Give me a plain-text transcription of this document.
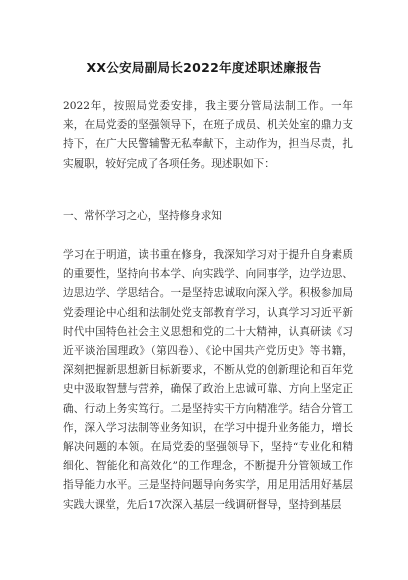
XX公安局副局长2022年度述职述廉报告

2022年，按照局党委安排，我主要分管局法制工作。一年来，在局党委的坚强领导下，在班子成员、机关处室的鼎力支持下，在广大民警辅警无私奉献下，主动作为，担当尽责，扎实履职，较好完成了各项任务。现述职如下：

一、常怀学习之心，坚持修身求知

学习在于明道，读书重在修身，我深知学习对于提升自身素质的重要性，坚持向书本学、向实践学、向同事学，边学边思、边思边学、学思结合。一是坚持忠诚取向深入学。积极参加局党委理论中心组和法制处党支部教育学习，认真学习习近平新时代中国特色社会主义思想和党的二十大精神，认真研读《习近平谈治国理政》（第四卷）、《论中国共产党历史》等书籍，深刻把握新思想新目标新要求，不断从党的创新理论和百年党史中汲取智慧与营养，确保了政治上忠诚可靠、方向上坚定正确、行动上务实笃行。二是坚持实干方向精准学。结合分管工作，深入学习法制等业务知识，在学习中提升业务能力，增长解决问题的本领。在局党委的坚强领导下，坚持“专业化和精细化、智能化和高效化”的工作理念，不断提升分管领域工作指导能力水平。三是坚持问题导向务实学，用足用活用好基层实践大课堂，先后17次深入基层一线调研督导，坚持到基层
